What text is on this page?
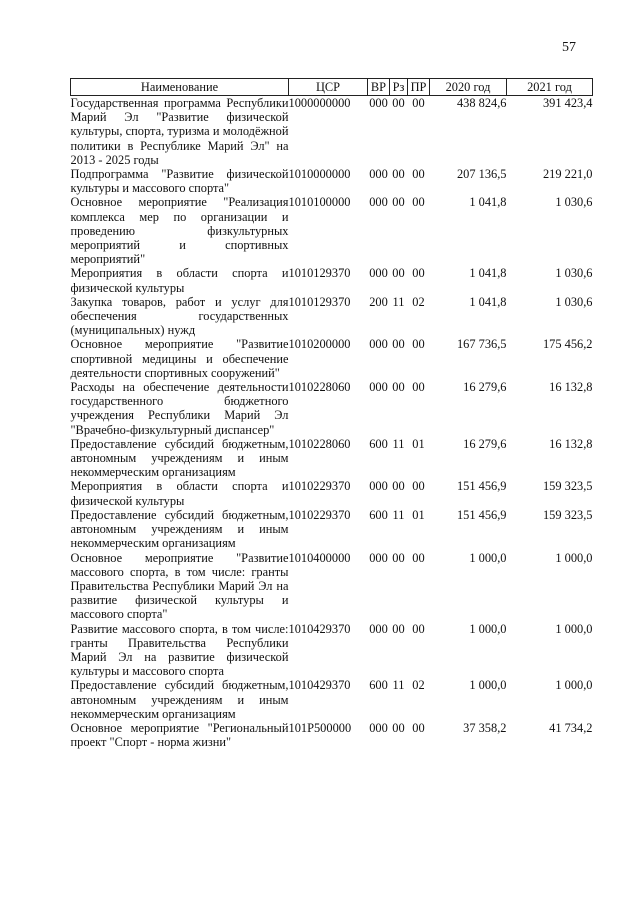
57
Наименование	ЦСР	ВР	Рз	ПР	2020 год	2021 год
Государственная программа Республики Марий Эл "Развитие физической культуры, спорта, туризма и молодёжной политики в Республике Марий Эл" на 2013 - 2025 годы	1000000000	000	00	00	438 824,6	391 423,4
Подпрограмма "Развитие физической культуры и массового спорта"	1010000000	000	00	00	207 136,5	219 221,0
Основное мероприятие "Реализация комплекса мер по организации и проведению физкультурных мероприятий и спортивных мероприятий"	1010100000	000	00	00	1 041,8	1 030,6
Мероприятия в области спорта и физической культуры	1010129370	000	00	00	1 041,8	1 030,6
Закупка товаров, работ и услуг для обеспечения государственных (муниципальных) нужд	1010129370	200	11	02	1 041,8	1 030,6
Основное мероприятие "Развитие спортивной медицины и обеспечение деятельности спортивных сооружений"	1010200000	000	00	00	167 736,5	175 456,2
Расходы на обеспечение деятельности государственного бюджетного учреждения Республики Марий Эл "Врачебно-физкультурный диспансер"	1010228060	000	00	00	16 279,6	16 132,8
Предоставление субсидий бюджетным, автономным учреждениям и иным некоммерческим организациям	1010228060	600	11	01	16 279,6	16 132,8
Мероприятия в области спорта и физической культуры	1010229370	000	00	00	151 456,9	159 323,5
Предоставление субсидий бюджетным, автономным учреждениям и иным некоммерческим организациям	1010229370	600	11	01	151 456,9	159 323,5
Основное мероприятие "Развитие массового спорта, в том числе: гранты Правительства Республики Марий Эл на развитие физической культуры и массового спорта"	1010400000	000	00	00	1 000,0	1 000,0
Развитие массового спорта, в том числе: гранты Правительства Республики Марий Эл на развитие физической культуры и массового спорта	1010429370	000	00	00	1 000,0	1 000,0
Предоставление субсидий бюджетным, автономным учреждениям и иным некоммерческим организациям	1010429370	600	11	02	1 000,0	1 000,0
Основное мероприятие "Региональный проект "Спорт - норма жизни"	101P500000	000	00	00	37 358,2	41 734,2
